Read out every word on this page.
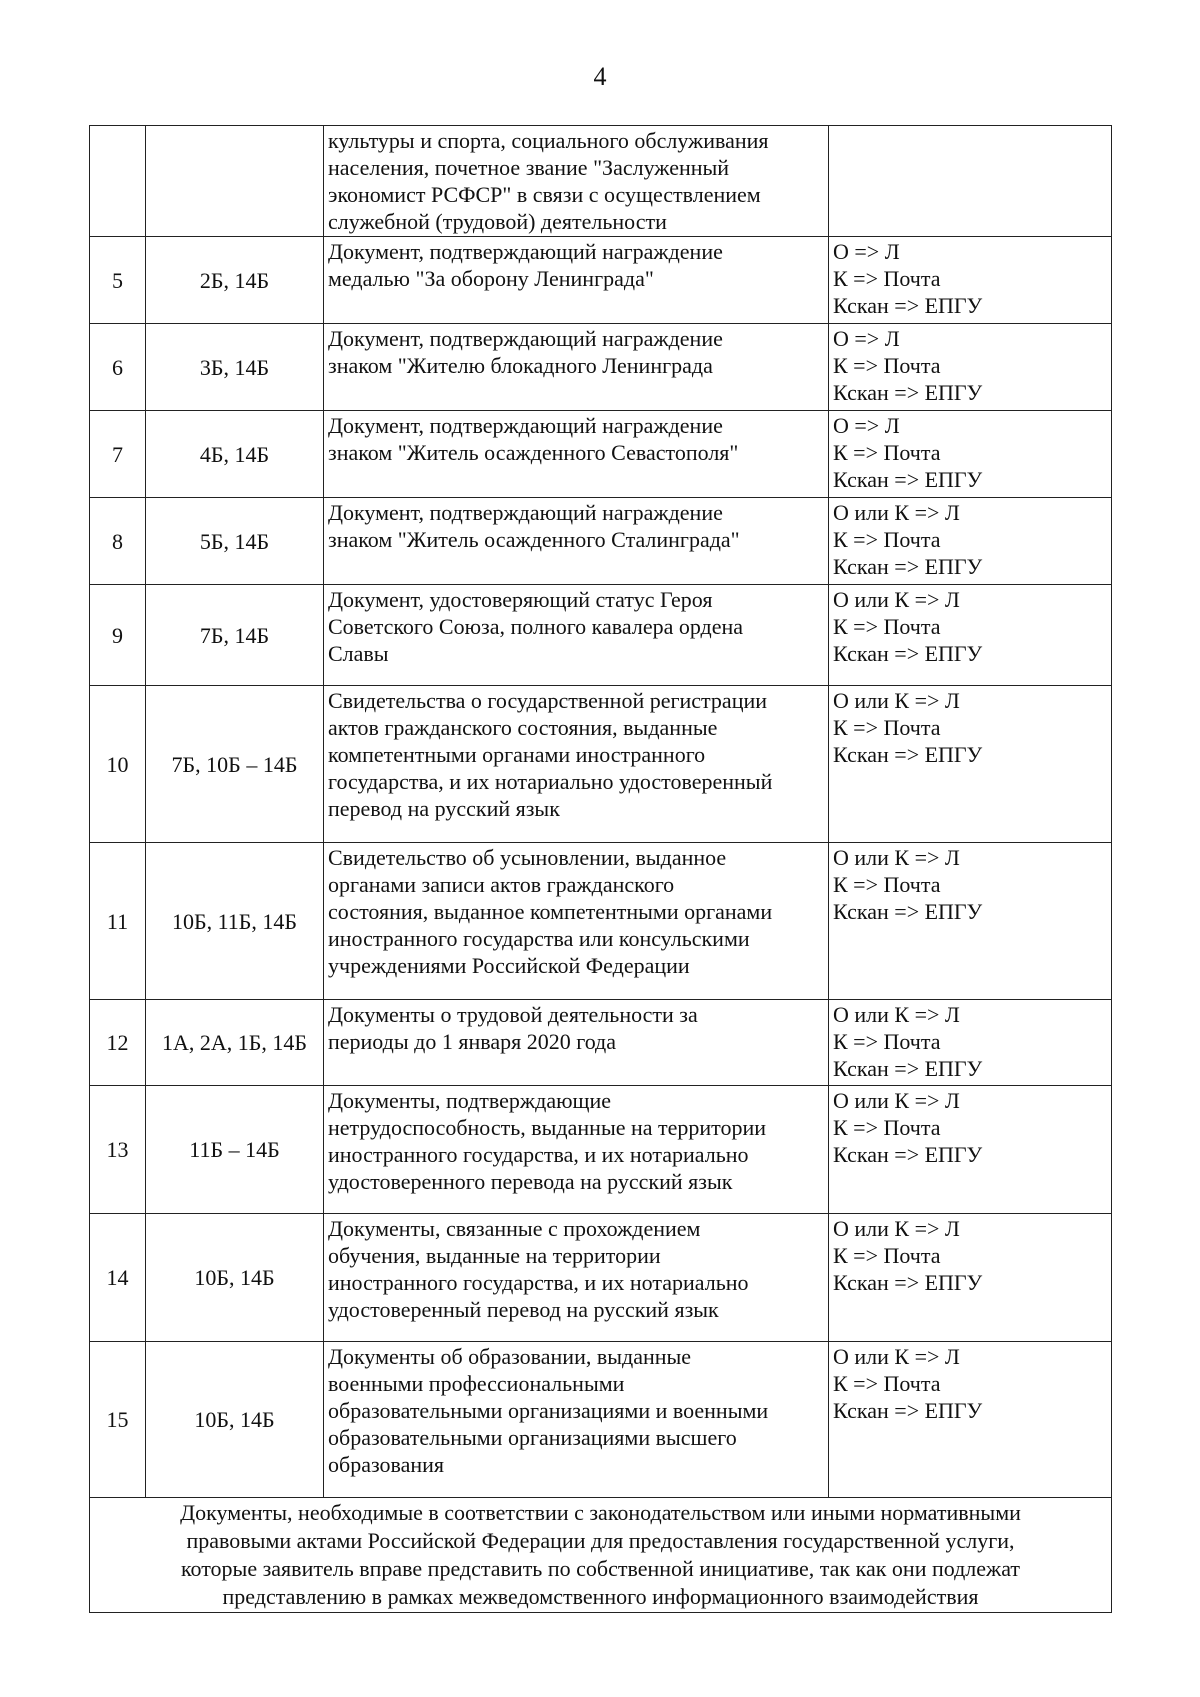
4

		культуры и спорта, социального обслуживания
населения, почетное звание "Заслуженный
экономист РСФСР" в связи с осуществлением
служебной (трудовой) деятельности	

5	2Б, 14Б	Документ, подтверждающий награждение
медалью "За оборону Ленинграда"	О => Л
К => Почта
Кскан => ЕПГУ

6	3Б, 14Б	Документ, подтверждающий награждение
знаком "Жителю блокадного Ленинграда	О => Л
К => Почта
Кскан => ЕПГУ

7	4Б, 14Б	Документ, подтверждающий награждение
знаком "Житель осажденного Севастополя"	О => Л
К => Почта
Кскан => ЕПГУ

8	5Б, 14Б	Документ, подтверждающий награждение
знаком "Житель осажденного Сталинграда"	О или К => Л
К => Почта
Кскан => ЕПГУ

9	7Б, 14Б	Документ, удостоверяющий статус Героя
Советского Союза, полного кавалера ордена
Славы	О или К => Л
К => Почта
Кскан => ЕПГУ

10	7Б, 10Б – 14Б	Свидетельства о государственной регистрации
актов гражданского состояния, выданные
компетентными органами иностранного
государства, и их нотариально удостоверенный
перевод на русский язык	О или К => Л
К => Почта
Кскан => ЕПГУ

11	10Б, 11Б, 14Б	Свидетельство об усыновлении, выданное
органами записи актов гражданского
состояния, выданное компетентными органами
иностранного государства или консульскими
учреждениями Российской Федерации	О или К => Л
К => Почта
Кскан => ЕПГУ

12	1А, 2А, 1Б, 14Б	Документы о трудовой деятельности за
периоды до 1 января 2020 года	О или К => Л
К => Почта
Кскан => ЕПГУ

13	11Б – 14Б	Документы, подтверждающие
нетрудоспособность, выданные на территории
иностранного государства, и их нотариально
удостоверенного перевода на русский язык	О или К => Л
К => Почта
Кскан => ЕПГУ

14	10Б, 14Б	Документы, связанные с прохождением
обучения, выданные на территории
иностранного государства, и их нотариально
удостоверенный перевод на русский язык	О или К => Л
К => Почта
Кскан => ЕПГУ

15	10Б, 14Б	Документы об образовании, выданные
военными профессиональными
образовательными организациями и военными
образовательными организациями высшего
образования	О или К => Л
К => Почта
Кскан => ЕПГУ

Документы, необходимые в соответствии с законодательством или иными нормативными
правовыми актами Российской Федерации для предоставления государственной услуги,
которые заявитель вправе представить по собственной инициативе, так как они подлежат
представлению в рамках межведомственного информационного взаимодействия			
